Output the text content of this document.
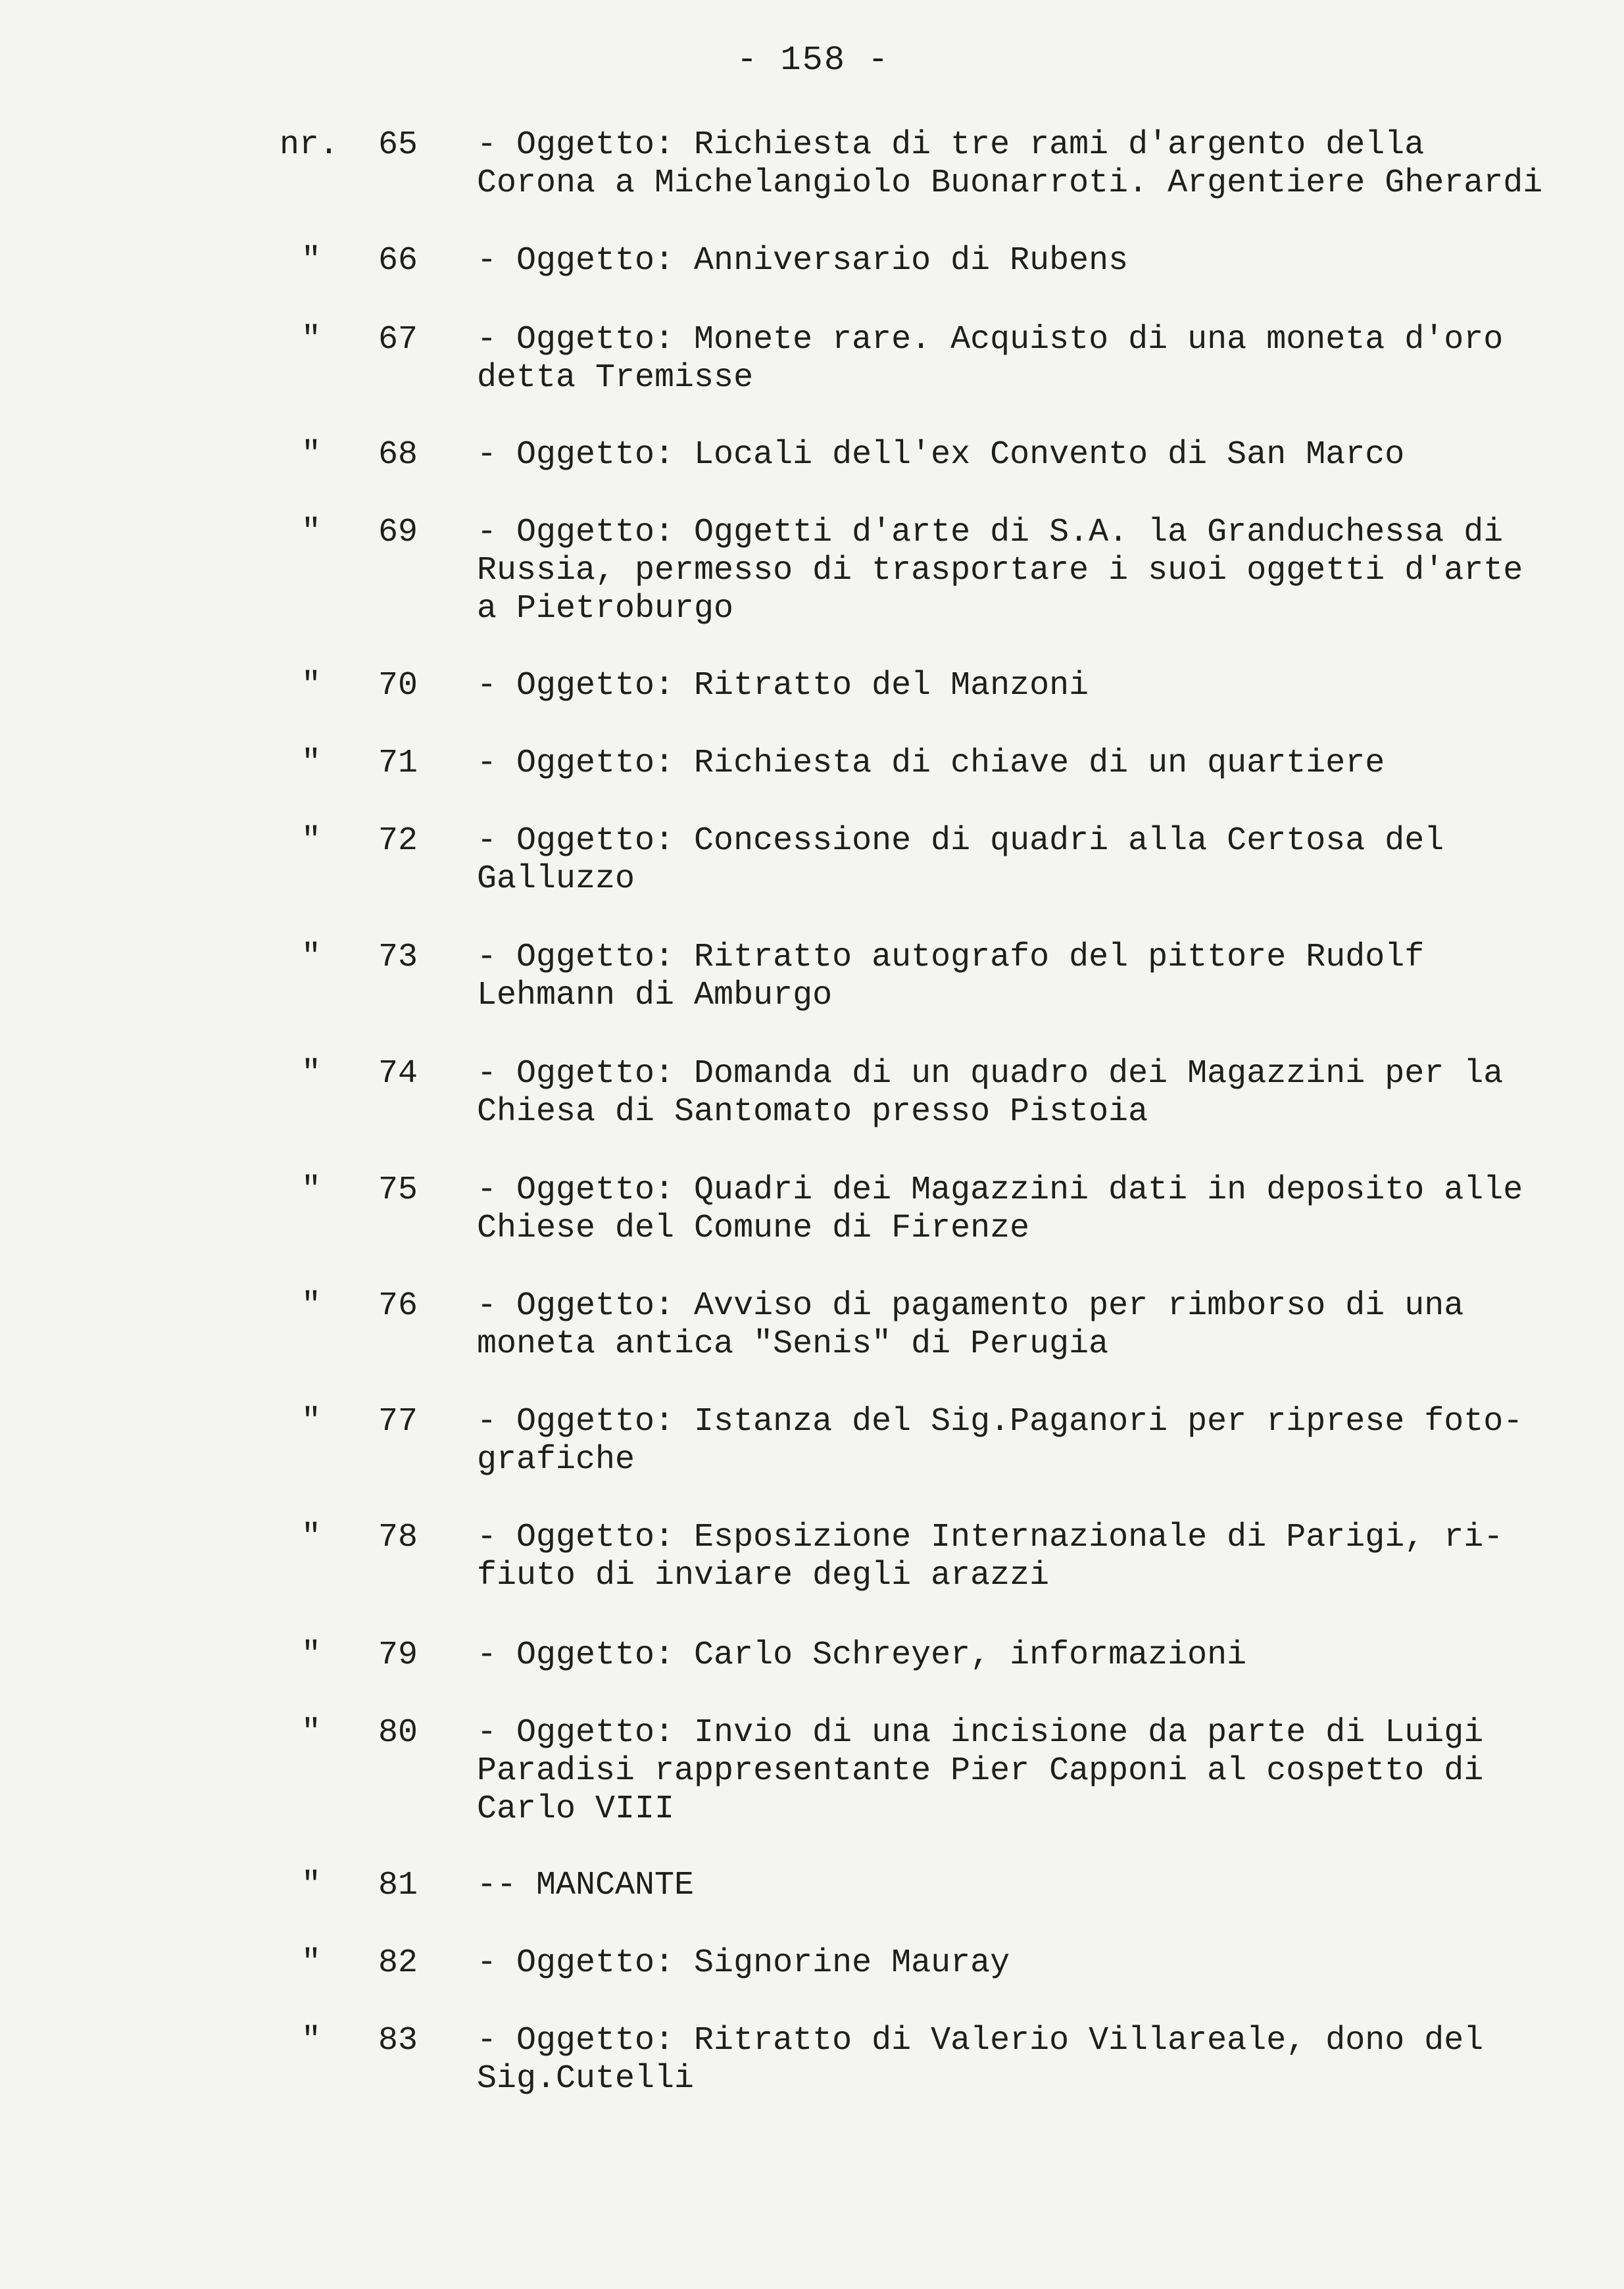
- 158 -
nr. 65 - Oggetto: Richiesta di tre rami d'argento della
Corona a Michelangiolo Buonarroti. Argentiere Gherardi
" 66 - Oggetto: Anniversario di Rubens
" 67 - Oggetto: Monete rare. Acquisto di una moneta d'oro
detta Tremisse
" 68 - Oggetto: Locali dell'ex Convento di San Marco
" 69 - Oggetto: Oggetti d'arte di S.A. la Granduchessa di
Russia, permesso di trasportare i suoi oggetti d'arte
a Pietroburgo
" 70 - Oggetto: Ritratto del Manzoni
" 71 - Oggetto: Richiesta di chiave di un quartiere
" 72 - Oggetto: Concessione di quadri alla Certosa del
Galluzzo
" 73 - Oggetto: Ritratto autografo del pittore Rudolf
Lehmann di Amburgo
" 74 - Oggetto: Domanda di un quadro dei Magazzini per la
Chiesa di Santomato presso Pistoia
" 75 - Oggetto: Quadri dei Magazzini dati in deposito alle
Chiese del Comune di Firenze
" 76 - Oggetto: Avviso di pagamento per rimborso di una
moneta antica "Senis" di Perugia
" 77 - Oggetto: Istanza del Sig.Paganori per riprese foto-
grafiche
" 78 - Oggetto: Esposizione Internazionale di Parigi, ri-
fiuto di inviare degli arazzi
" 79 - Oggetto: Carlo Schreyer, informazioni
" 80 - Oggetto: Invio di una incisione da parte di Luigi
Paradisi rappresentante Pier Capponi al cospetto di
Carlo VIII
" 81 -- MANCANTE
" 82 - Oggetto: Signorine Mauray
" 83 - Oggetto: Ritratto di Valerio Villareale, dono del
Sig.Cutelli
